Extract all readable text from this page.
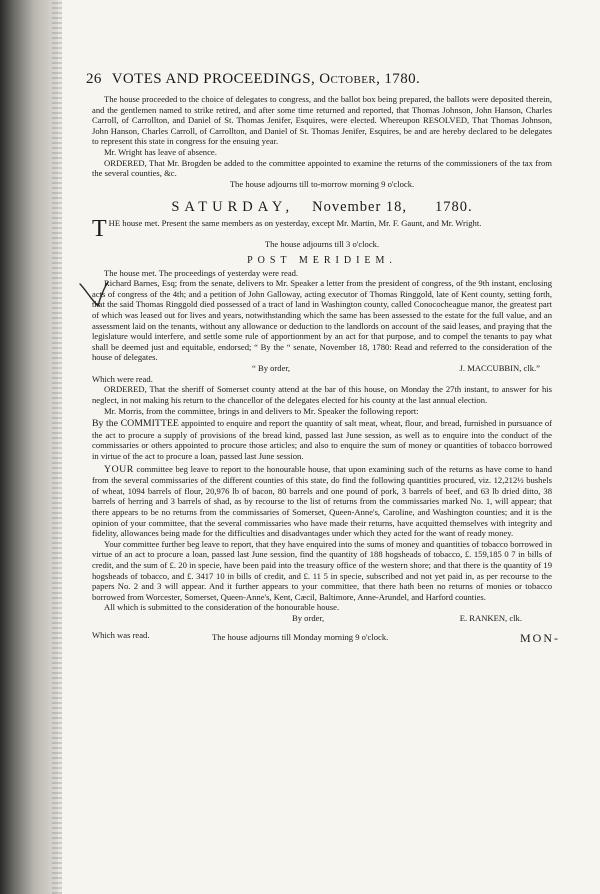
26 VOTES AND PROCEEDINGS, October, 1780.

The house proceeded to the choice of delegates to congress, and the ballot box being prepared, the ballots were deposited therein, and the gentlemen named to strike retired, and after some time returned and reported, that Thomas Johnson, John Hanson, Charles Carroll, of Carrollton, and Daniel of St. Thomas Jenifer, Esquires, were elected. Whereupon RESOLVED, That Thomas Johnson, John Hanson, Charles Carroll, of Carrollton, and Daniel of St. Thomas Jenifer, Esquires, be and are hereby declared to be delegates to represent this state in congress for the ensuing year.

Mr. Wright has leave of absence.

ORDERED, That Mr. Brogden be added to the committee appointed to examine the returns of the commissioners of the tax from the several counties, &c.

The house adjourns till to-morrow morning 9 o'clock.

SATURDAY, November 18, 1780.

THE house met. Present the same members as on yesterday, except Mr. Martin, Mr. F. Gaunt, and Mr. Wright.

The house adjourns till 3 o'clock.

POST MERIDIEM.

The house met. The proceedings of yesterday were read.

Richard Barnes, Esq; from the senate, delivers to Mr. Speaker a letter from the president of congress, of the 9th instant, enclosing acts of congress of the 4th; and a petition of John Galloway, acting executor of Thomas Ringgold, late of Kent county, setting forth, that the said Thomas Ringgold died possessed of a tract of land in Washington county, called Conococheague manor, the greatest part of which was leased out for lives and years, notwithstanding which the same has been assessed to the estate for the full value, and an assessment laid on the tenants, without any allowance or deduction to the landlords on account of the said leases, and praying that the legislature would interfere, and settle some rule of apportionment by an act for that purpose, and to compel the tenants to pay what shall be deemed just and equitable, endorsed; “ By the “ senate, November 18, 1780: Read and referred to the consideration of the house of delegates.

“ By order,	J. MACCUBBIN, clk.”

Which were read.

ORDERED, That the sheriff of Somerset county attend at the bar of this house, on Monday the 27th instant, to answer for his neglect, in not making his return to the chancellor of the delegates elected for his county at the last annual election.

Mr. Morris, from the committee, brings in and delivers to Mr. Speaker the following report:

By the COMMITTEE appointed to enquire and report the quantity of salt meat, wheat, flour, and bread, furnished in pursuance of the act to procure a supply of provisions of the bread kind, passed last June session, as well as to enquire into the conduct of the commissaries or others appointed to procure those articles; and also to enquire the sum of money or quantities of tobacco borrowed in virtue of the act to procure a loan, passed last June session.

YOUR committee beg leave to report to the honourable house, that upon examining such of the returns as have come to hand from the several commissaries of the different counties of this state, do find the following quantities procured, viz. 12,212½ bushels of wheat, 1094 barrels of flour, 20,976 lb of bacon, 80 barrels and one pound of pork, 3 barrels of beef, and 63 lb dried ditto, 38 barrels of herring and 3 barrels of shad, as by recourse to the list of returns from the commissaries marked No. 1, will appear; that there appears to be no returns from the commissaries of Somerset, Queen-Anne's, Caroline, and Washington counties; and it is the opinion of your committee, that the several commissaries who have made their returns, have acquitted themselves with integrity and fidelity, allowances being made for the difficulties and disadvantages under which they acted for the want of ready money.

Your committee further beg leave to report, that they have enquired into the sums of money and quantities of tobacco borrowed in virtue of an act to procure a loan, passed last June session, find the quantity of 188 hogsheads of tobacco, £. 159,185 0 7 in bills of credit, and the sum of £. 20 in specie, have been paid into the treasury office of the western shore; and that there is the quantity of 19 hogsheads of tobacco, and £. 3417 10 in bills of credit, and £. 11 5 in specie, subscribed and not yet paid in, as per recourse to the papers No. 2 and 3 will appear. And it further appears to your committee, that there hath been no returns of monies or tobacco borrowed from Worcester, Somerset, Queen-Anne's, Kent, Cæcil, Baltimore, Anne-Arundel, and Harford counties.

All which is submitted to the consideration of the honourable house.

By order,	E. RANKEN, clk.
Which was read.	The house adjourns till Monday morning 9 o'clock.	MON-
